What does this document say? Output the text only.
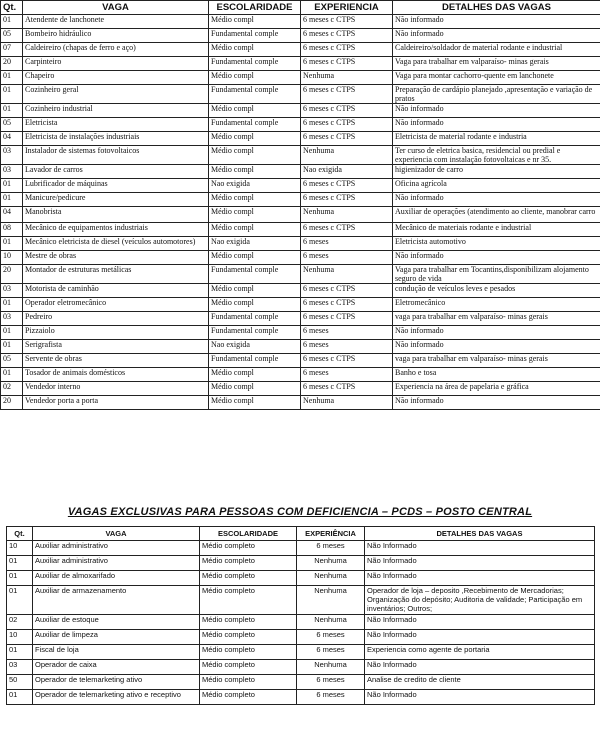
Qt.	VAGA	ESCOLARIDADE	EXPERIENCIA	DETALHES DAS VAGAS
01	Atendente de lanchonete	Médio compl	6 meses c CTPS	Não informado
05	Bombeiro hidráulico	Fundamental comple	6 meses c CTPS	Não informado
07	Caldeireiro (chapas de ferro e aço)	Médio compl	6 meses c CTPS	Caldeireiro/soldador de material rodante e industrial
20	Carpinteiro	Fundamental comple	6 meses c CTPS	Vaga para trabalhar em valparaíso- minas gerais
01	Chapeiro	Médio compl	Nenhuma	Vaga para montar cachorro-quente em lanchonete
01	Cozinheiro geral	Fundamental comple	6 meses c CTPS	Preparação de cardápio planejado ,apresentação e variação de pratos
01	Cozinheiro industrial	Médio compl	6 meses c CTPS	Não informado
05	Eletricista	Fundamental comple	6 meses c CTPS	Não informado
04	Eletricista de instalações industriais	Médio compl	6 meses c CTPS	Eletricista de material rodante e industria
03	Instalador de sistemas fotovoltaicos	Médio compl	Nenhuma	Ter curso de eletrica basica, residencial ou predial e experiencia com instalação fotovoltaicas e nr 35.
03	Lavador de carros	Médio compl	Nao exigida	higienizador de carro
01	Lubrificador de máquinas	Nao exigida	6 meses c CTPS	Oficina agrícola
01	Manicure/pedicure	Médio compl	6 meses c CTPS	Não informado
04	Manobrista	Médio compl	Nenhuma	Auxiliar de operações (atendimento ao cliente, manobrar carro
08	Mecânico de equipamentos industriais	Médio compl	6 meses c CTPS	Mecânico de materiais rodante e industrial
01	Mecânico eletricista de diesel (veículos automotores)	Nao exigida	6 meses	Eletricista automotivo
10	Mestre de obras	Médio compl	6 meses	Não informado
20	Montador de estruturas metálicas	Fundamental comple	Nenhuma	Vaga para trabalhar em Tocantins,disponibilizam alojamento seguro de vida
03	Motorista de caminhão	Médio compl	6 meses c CTPS	condução de veículos leves e pesados
01	Operador eletromecânico	Médio compl	6 meses c CTPS	Eletromecânico
03	Pedreiro	Fundamental comple	6 meses c CTPS	vaga para trabalhar em valparaíso- minas gerais
01	Pizzaiolo	Fundamental comple	6 meses	Não informado
01	Serigrafista	Nao exigida	6 meses	Não informado
05	Servente de obras	Fundamental comple	6 meses c CTPS	vaga para trabalhar em valparaíso- minas gerais
01	Tosador de animais domésticos	Médio compl	6 meses	Banho e tosa
02	Vendedor interno	Médio compl	6 meses c CTPS	Experiencia na área de papelaria e gráfica
20	Vendedor porta a porta	Médio compl	Nenhuma	Não informado
VAGAS EXCLUSIVAS PARA PESSOAS COM DEFICIENCIA – PCDS – POSTO CENTRAL
Qt.	VAGA	ESCOLARIDADE	EXPERIÊNCIA	DETALHES DAS VAGAS
10	Auxiliar administrativo	Médio completo	6 meses	Não Informado
01	Auxiliar administrativo	Médio completo	Nenhuma	Não Informado
01	Auxiliar de almoxarifado	Médio completo	Nenhuma	Não Informado
01	Auxiliar de armazenamento	Médio completo	Nenhuma	Operador de loja – deposito ,Recebimento de Mercadorias; Organização do depósito; Auditoria de validade; Participação em inventários; Outros;
02	Auxiliar de estoque	Médio completo	Nenhuma	Não Informado
10	Auxiliar de limpeza	Médio completo	6 meses	Não Informado
01	Fiscal de loja	Médio completo	6 meses	Experiencia como agente de portaria
03	Operador de caixa	Médio completo	Nenhuma	Não Informado
50	Operador de telemarketing ativo	Médio completo	6 meses	Analise de credito de cliente
01	Operador de telemarketing ativo e receptivo	Médio completo	6 meses	Não Informado
